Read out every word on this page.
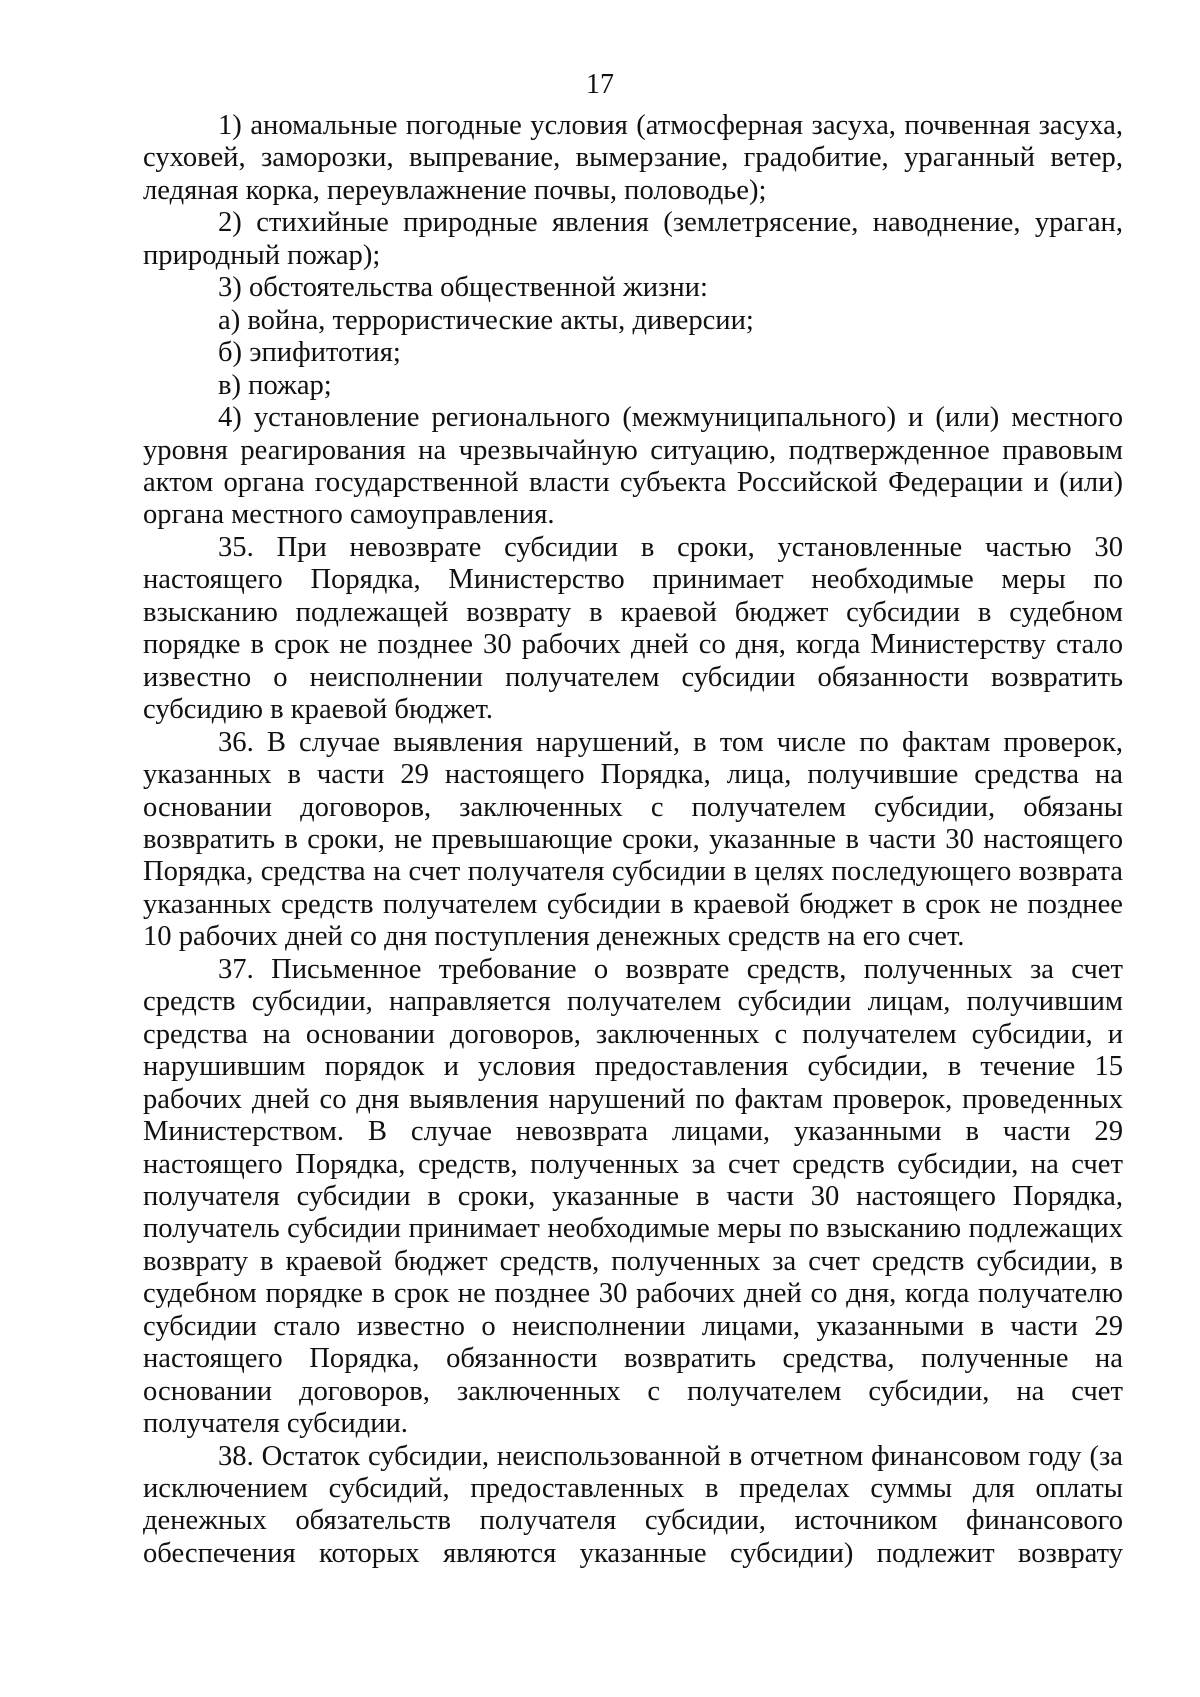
17

1) аномальные погодные условия (атмосферная засуха, почвенная засуха, суховей, заморозки, выпревание, вымерзание, градобитие, ураганный ветер, ледяная корка, переувлажнение почвы, половодье);

2) стихийные природные явления (землетрясение, наводнение, ураган, природный пожар);

3) обстоятельства общественной жизни:

а) война, террористические акты, диверсии;

б) эпифитотия;

в) пожар;

4) установление регионального (межмуниципального) и (или) местного уровня реагирования на чрезвычайную ситуацию, подтвержденное правовым актом органа государственной власти субъекта Российской Федерации и (или) органа местного самоуправления.

35. При невозврате субсидии в сроки, установленные частью 30 настоящего Порядка, Министерство принимает необходимые меры по взысканию подлежащей возврату в краевой бюджет субсидии в судебном порядке в срок не позднее 30 рабочих дней со дня, когда Министерству стало известно о неисполнении получателем субсидии обязанности возвратить субсидию в краевой бюджет.

36. В случае выявления нарушений, в том числе по фактам проверок, указанных в части 29 настоящего Порядка, лица, получившие средства на основании договоров, заключенных с получателем субсидии, обязаны возвратить в сроки, не превышающие сроки, указанные в части 30 настоящего Порядка, средства на счет получателя субсидии в целях последующего возврата указанных средств получателем субсидии в краевой бюджет в срок не позднее 10 рабочих дней со дня поступления денежных средств на его счет.

37. Письменное требование о возврате средств, полученных за счет средств субсидии, направляется получателем субсидии лицам, получившим средства на основании договоров, заключенных с получателем субсидии, и нарушившим порядок и условия предоставления субсидии, в течение 15 рабочих дней со дня выявления нарушений по фактам проверок, проведенных Министерством. В случае невозврата лицами, указанными в части 29 настоящего Порядка, средств, полученных за счет средств субсидии, на счет получателя субсидии в сроки, указанные в части 30 настоящего Порядка, получатель субсидии принимает необходимые меры по взысканию подлежащих возврату в краевой бюджет средств, полученных за счет средств субсидии, в судебном порядке в срок не позднее 30 рабочих дней со дня, когда получателю субсидии стало известно о неисполнении лицами, указанными в части 29 настоящего Порядка, обязанности возвратить средства, полученные на основании договоров, заключенных с получателем субсидии, на счет получателя субсидии.

38. Остаток субсидии, неиспользованной в отчетном финансовом году (за исключением субсидий, предоставленных в пределах суммы для оплаты денежных обязательств получателя субсидии, источником финансового обеспечения которых являются указанные субсидии) подлежит возврату
